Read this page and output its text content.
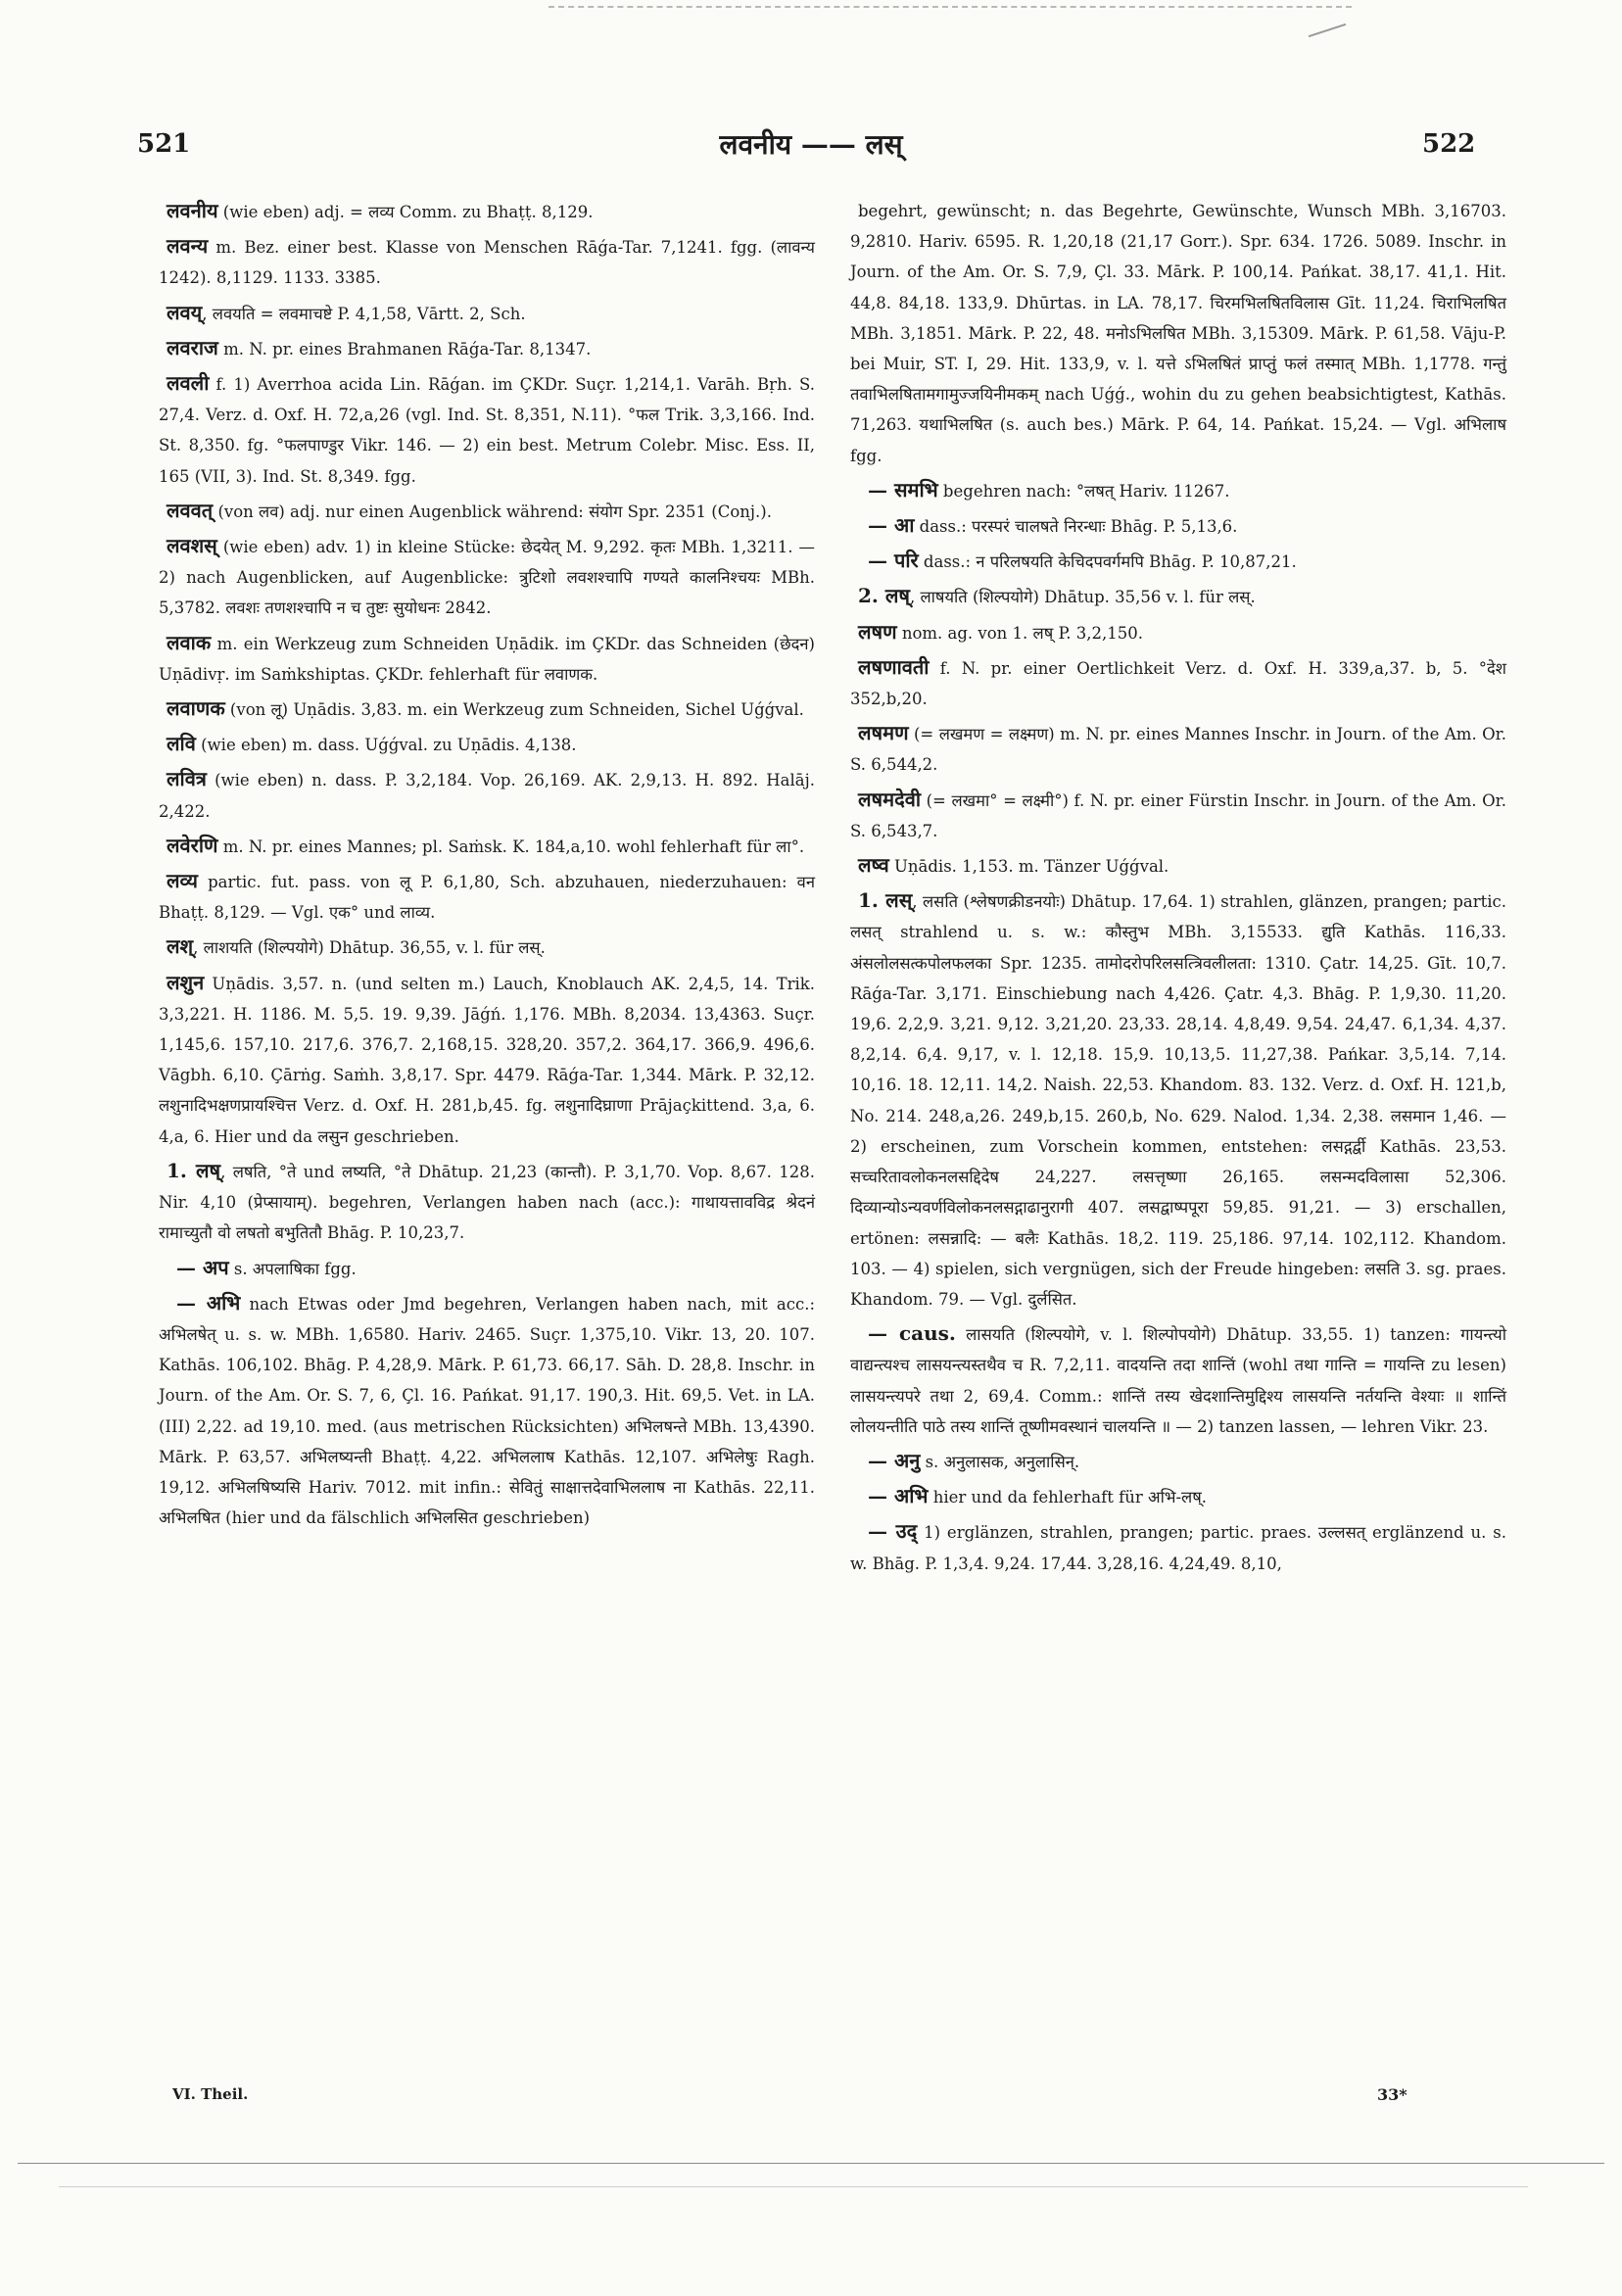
521	लवनीय —— लस्	522

लवनीय (wie eben) adj. = लव्य Comm. zu Bhaṭṭ. 8,129.

लवन्य m. Bez. einer best. Klasse von Menschen Rāǵa-Tar. 7,1241. fgg. (लावन्य 1242). 8,1129. 1133. 3385.

लवय्, लवयति = लवमाचष्टे P. 4,1,58, Vārtt. 2, Sch.

लवराज m. N. pr. eines Brahmanen Rāǵa-Tar. 8,1347.

लवली f. 1) Averrhoa acida Lin. Rāǵan. im ÇKDr. Suçr. 1,214,1. Varāh. Bṛh. S. 27,4. Verz. d. Oxf. H. 72,a,26 (vgl. Ind. St. 8,351, N.11). °फल Trik. 3,3,166. Ind. St. 8,350. fg. °फलपाण्डुर Vikr. 146. — 2) ein best. Metrum Colebr. Misc. Ess. II, 165 (VII, 3). Ind. St. 8,349. fgg.

लववत् (von लव) adj. nur einen Augenblick während: संयोग Spr. 2351 (Conj.).

लवशस् (wie eben) adv. 1) in kleine Stücke: छेदयेत् M. 9,292. कृतः MBh. 1,3211. — 2) nach Augenblicken, auf Augenblicke: त्रुटिशो लवशश्चापि गण्यते कालनिश्चयः MBh. 5,3782. लवशः तणशश्चापि न च तुष्टः सुयोधनः 2842.

लवाक m. ein Werkzeug zum Schneiden Uṇādik. im ÇKDr. das Schneiden (छेदन) Uṇādivṛ. im Saṁkshiptas. ÇKDr. fehlerhaft für लवाणक.

लवाणक (von लू) Uṇādis. 3,83. m. ein Werkzeug zum Schneiden, Sichel Uǵǵval.

लवि (wie eben) m. dass. Uǵǵval. zu Uṇādis. 4,138.

लवित्र (wie eben) n. dass. P. 3,2,184. Vop. 26,169. AK. 2,9,13. H. 892. Halāj. 2,422.

लवेरणि m. N. pr. eines Mannes; pl. Saṁsk. K. 184,a,10. wohl fehlerhaft für ला°.

लव्य partic. fut. pass. von लू P. 6,1,80, Sch. abzuhauen, niederzuhauen: वन Bhaṭṭ. 8,129. — Vgl. एक° und लाव्य.

लश्, लाशयति (शिल्पयोगे) Dhātup. 36,55, v. l. für लस्.

लशुन Uṇādis. 3,57. n. (und selten m.) Lauch, Knoblauch AK. 2,4,5, 14. Trik. 3,3,221. H. 1186. M. 5,5. 19. 9,39. Jāǵń. 1,176. MBh. 8,2034. 13,4363. Suçr. 1,145,6. 157,10. 217,6. 376,7. 2,168,15. 328,20. 357,2. 364,17. 366,9. 496,6. Vāgbh. 6,10. Çārṅg. Saṁh. 3,8,17. Spr. 4479. Rāǵa-Tar. 1,344. Mārk. P. 32,12. लशुनादिभक्षणप्रायश्चित्त Verz. d. Oxf. H. 281,b,45. fg. लशुनादिघ्राणा Prājaçkittend. 3,a, 6. 4,a, 6. Hier und da लसुन geschrieben.

1. लष्, लषति, °ते und लष्यति, °ते Dhātup. 21,23 (कान्तौ). P. 3,1,70. Vop. 8,67. 128. Nir. 4,10 (प्रेप्सायाम्). begehren, Verlangen haben nach (acc.): गाथायत्तावविद्र श्रेदनं रामाच्युतौ वो लषतो बभुतितौ Bhāg. P. 10,23,7.

— अप s. अपलाषिका fgg.

— अभि nach Etwas oder Jmd begehren, Verlangen haben nach, mit acc.: अभिलषेत् u. s. w. MBh. 1,6580. Hariv. 2465. Suçr. 1,375,10. Vikr. 13, 20. 107. Kathās. 106,102. Bhāg. P. 4,28,9. Mārk. P. 61,73. 66,17. Sāh. D. 28,8. Inschr. in Journ. of the Am. Or. S. 7, 6, Çl. 16. Pańkat. 91,17. 190,3. Hit. 69,5. Vet. in LA. (III) 2,22. ad 19,10. med. (aus metrischen Rücksichten) अभिलषन्ते MBh. 13,4390. Mārk. P. 63,57. अभिलष्यन्ती Bhaṭṭ. 4,22. अभिललाष Kathās. 12,107. अभिलेषुः Ragh. 19,12. अभिलषिष्यसि Hariv. 7012. mit infin.: सेवितुं साक्षात्तदेवाभिललाष ना Kathās. 22,11. अभिलषित (hier und da fälschlich अभिलसित geschrieben)

begehrt, gewünscht; n. das Begehrte, Gewünschte, Wunsch MBh. 3,16703. 9,2810. Hariv. 6595. R. 1,20,18 (21,17 Gorr.). Spr. 634. 1726. 5089. Inschr. in Journ. of the Am. Or. S. 7,9, Çl. 33. Mārk. P. 100,14. Pańkat. 38,17. 41,1. Hit. 44,8. 84,18. 133,9. Dhūrtas. in LA. 78,17. चिरमभिलषितविलास Gīt. 11,24. चिराभिलषित MBh. 3,1851. Mārk. P. 22, 48. मनोऽभिलषित MBh. 3,15309. Mārk. P. 61,58. Vāju-P. bei Muir, ST. I, 29. Hit. 133,9, v. l. यत्ते ऽभिलषितं प्राप्तुं फलं तस्मात् MBh. 1,1778. गन्तुं तवाभिलषितामगामुज्जयिनीमकम् nach Uǵǵ., wohin du zu gehen beabsichtigtest, Kathās. 71,263. यथाभिलषित (s. auch bes.) Mārk. P. 64, 14. Pańkat. 15,24. — Vgl. अभिलाष fgg.

— समभि begehren nach: °लषत् Hariv. 11267.

— आ dass.: परस्परं चालषते निरन्धाः Bhāg. P. 5,13,6.

— परि dass.: न परिलषयति केचिदपवर्गमपि Bhāg. P. 10,87,21.

2. लष्, लाषयति (शिल्पयोगे) Dhātup. 35,56 v. l. für लस्.

लषण nom. ag. von 1. लष् P. 3,2,150.

लषणावती f. N. pr. einer Oertlichkeit Verz. d. Oxf. H. 339,a,37. b, 5. °देश 352,b,20.

लषमण (= लखमण = लक्ष्मण) m. N. pr. eines Mannes Inschr. in Journ. of the Am. Or. S. 6,544,2.

लषमदेवी (= लखमा° = लक्ष्मी°) f. N. pr. einer Fürstin Inschr. in Journ. of the Am. Or. S. 6,543,7.

लष्व Uṇādis. 1,153. m. Tänzer Uǵǵval.

1. लस्, लसति (श्लेषणक्रीडनयोः) Dhātup. 17,64. 1) strahlen, glänzen, prangen; partic. लसत् strahlend u. s. w.: कौस्तुभ MBh. 3,15533. द्युति Kathās. 116,33. अंसलोलसत्कपोलफलका Spr. 1235. तामोदरोपरिलसत्त्रिवलीलता: 1310. Çatr. 14,25. Gīt. 10,7. Rāǵa-Tar. 3,171. Einschiebung nach 4,426. Çatr. 4,3. Bhāg. P. 1,9,30. 11,20. 19,6. 2,2,9. 3,21. 9,12. 3,21,20. 23,33. 28,14. 4,8,49. 9,54. 24,47. 6,1,34. 4,37. 8,2,14. 6,4. 9,17, v. l. 12,18. 15,9. 10,13,5. 11,27,38. Pańkar. 3,5,14. 7,14. 10,16. 18. 12,11. 14,2. Naish. 22,53. Khandom. 83. 132. Verz. d. Oxf. H. 121,b, No. 214. 248,a,26. 249,b,15. 260,b, No. 629. Nalod. 1,34. 2,38. लसमान 1,46. — 2) erscheinen, zum Vorschein kommen, entstehen: लसद्गर्द्वी Kathās. 23,53. सच्चरितावलोकनलसद्दिदेष 24,227. लसत्तृष्णा 26,165. लसन्मदविलासा 52,306. दिव्यान्योऽन्यवर्णविलोकनलसद्गाढानुरागी 407. लसद्वाष्पपूरा 59,85. 91,21. — 3) erschallen, ertönen: लसन्नादि: — बलैः Kathās. 18,2. 119. 25,186. 97,14. 102,112. Khandom. 103. — 4) spielen, sich vergnügen, sich der Freude hingeben: लसति 3. sg. praes. Khandom. 79. — Vgl. दुर्लसित.

— caus. लासयति (शिल्पयोगे, v. l. शिल्पोपयोगे) Dhātup. 33,55. 1) tanzen: गायन्त्यो वाद्यन्त्यश्च लासयन्त्यस्तथैव च R. 7,2,11. वादयन्ति तदा शान्तिं (wohl तथा गान्ति = गायन्ति zu lesen) लासयन्त्यपरे तथा 2, 69,4. Comm.: शान्तिं तस्य खेदशान्तिमुद्दिश्य लासयन्ति नर्तयन्ति वेश्याः ॥ शान्तिं लोलयन्तीति पाठे तस्य शान्तिं तूष्णीमवस्थानं चालयन्ति ॥ — 2) tanzen lassen, — lehren Vikr. 23.

— अनु s. अनुलासक, अनुलासिन्.

— अभि hier und da fehlerhaft für अभि-लष्.

— उद् 1) erglänzen, strahlen, prangen; partic. praes. उल्लसत् erglänzend u. s. w. Bhāg. P. 1,3,4. 9,24. 17,44. 3,28,16. 4,24,49. 8,10,

VI. Theil.	33*
